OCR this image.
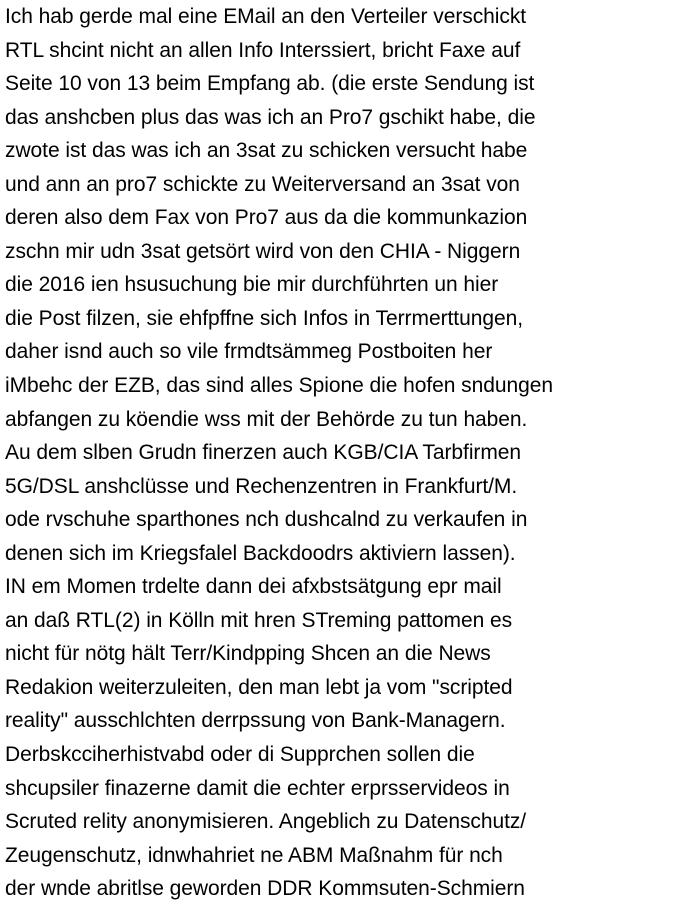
Ich hab gerde mal eine EMail an den Verteiler verschickt
RTL shcint nicht an allen Info Interssiert, bricht Faxe auf
Seite 10 von 13 beim Empfang ab. (die erste Sendung ist
das anshcben plus das was ich an Pro7 gschikt habe, die
zwote ist das was ich an 3sat zu schicken versucht habe
und ann an pro7 schickte zu Weiterversand an 3sat von
deren also dem Fax von Pro7 aus da die kommunkazion
zschn mir udn 3sat getsört wird von den CHIA - Niggern
die 2016 ien hsusuchung bie mir durchführten un hier
die Post filzen, sie ehfpffne sich Infos in Terrmerttungen,
daher isnd auch so vile frmdtsämmeg Postboiten her
iMbehc der EZB, das sind alles Spione die hofen sndungen
abfangen zu köendie wss mit der Behörde zu tun haben.
Au dem slben Grudn finerzen auch KGB/CIA Tarbfirmen
5G/DSL anshclüsse und Rechenzentren in Frankfurt/M.
ode rvschuhe sparthones nch dushcalnd zu verkaufen in
denen sich im Kriegsfalel Backdoodrs aktiviern lassen).
IN em Momen trdelte dann dei afxbstsätgung epr mail
an daß RTL(2) in Kölln mit hren STreming pattomen es
nicht für nötg hält Terr/Kindpping Shcen an die News
Redakion weiterzuleiten, den man lebt ja vom "scripted
reality" ausschlchten derrpssung von Bank-Managern.
Derbskcciherhistvabd oder di Supprchen sollen die
shcupsiler finazerne damit die echter erprsservideos in
Scruted relity anonymisieren. Angeblich zu Datenschutz/
Zeugenschutz, idnwhahriet ne ABM Maßnahm für nch
der wnde abritlse geworden DDR Kommsuten-Schmiern
